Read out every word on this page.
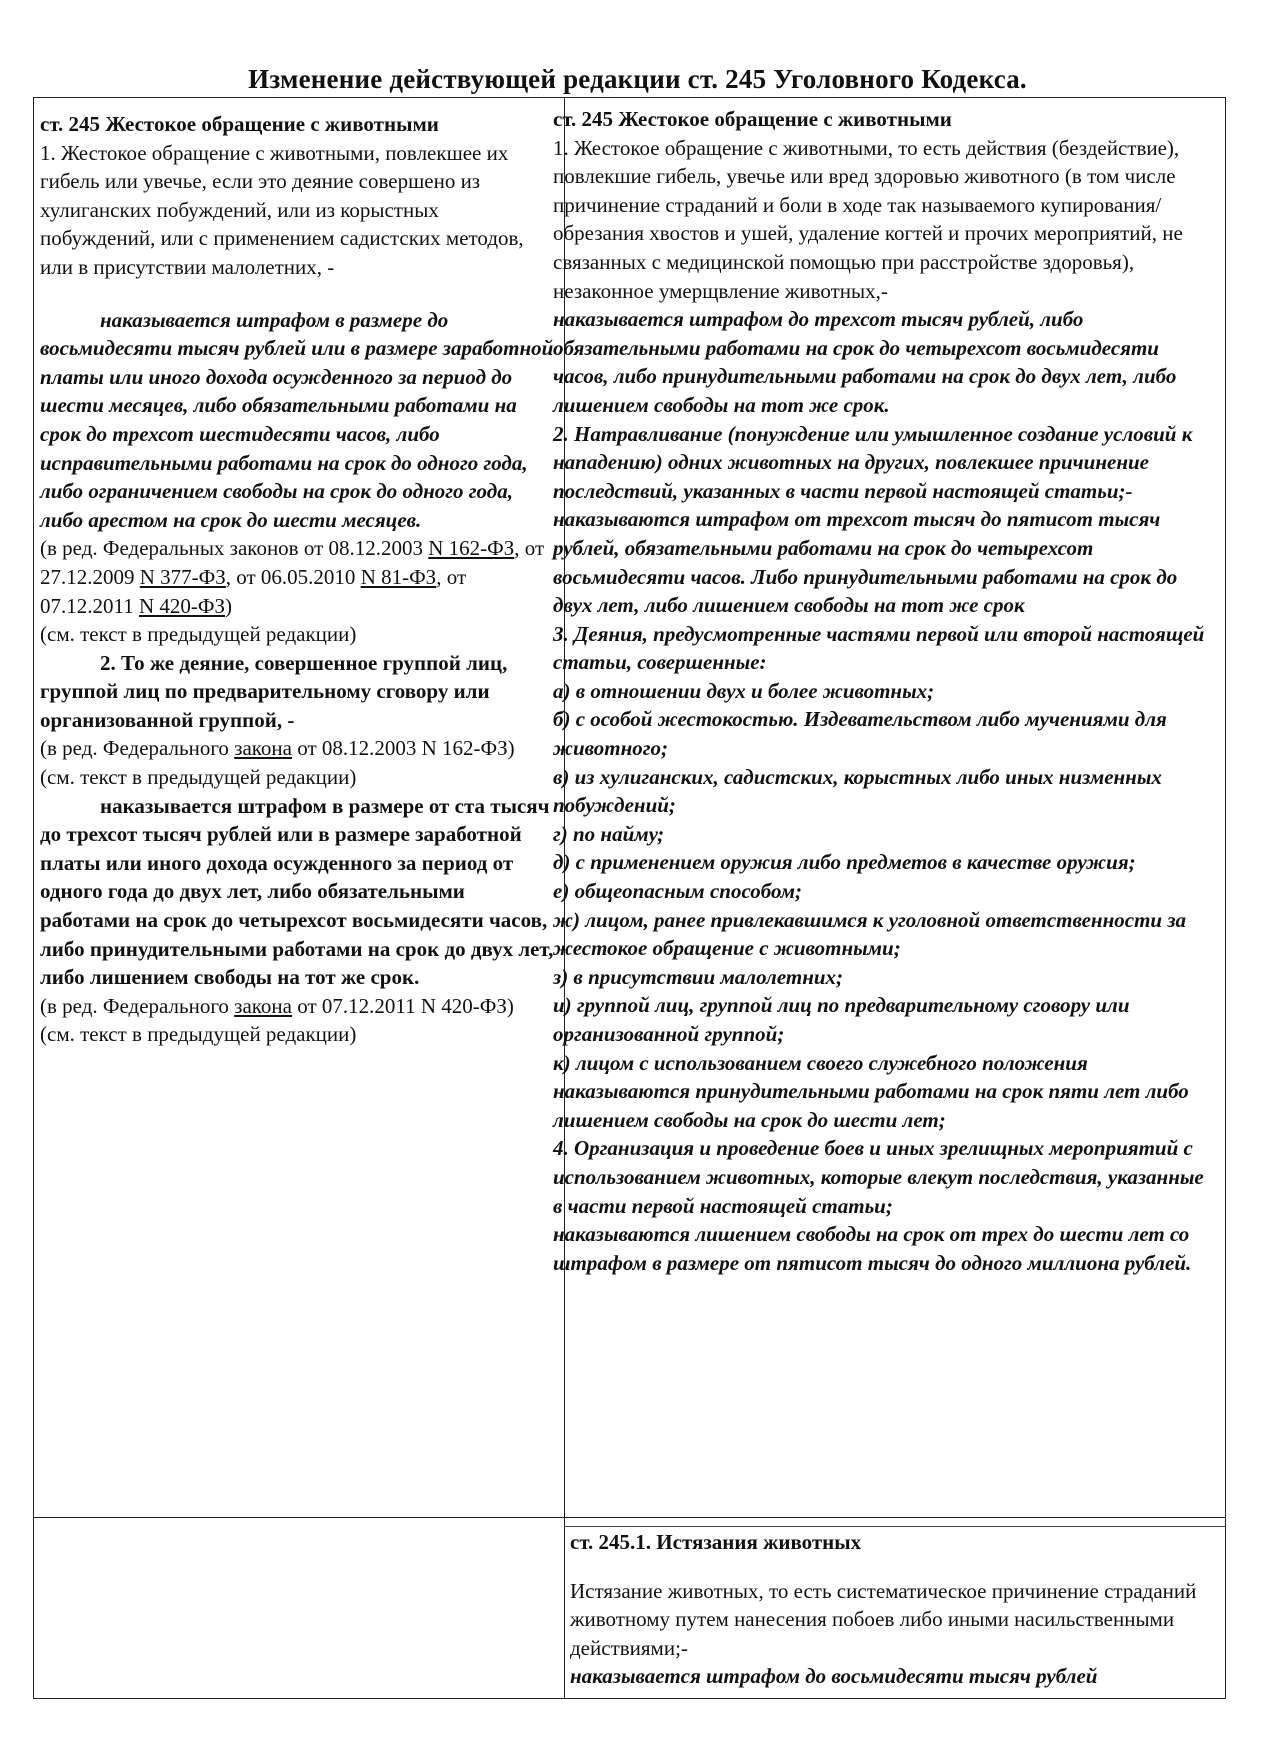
Изменение действующей редакции ст. 245 Уголовного Кодекса.

ст. 245 Жестокое обращение с животными

1. Жестокое обращение с животными, повлекшее их гибель или увечье, если это деяние совершено из хулиганских побуждений, или из корыстных побуждений, или с применением садистских методов, или в присутствии малолетних, -

наказывается штрафом в размере до восьмидесяти тысяч рублей или в размере заработной платы или иного дохода осужденного за период до шести месяцев, либо обязательными работами на срок до трехсот шестидесяти часов, либо исправительными работами на срок до одного года, либо ограничением свободы на срок до одного года, либо арестом на срок до шести месяцев.

(в ред. Федеральных законов от 08.12.2003 N 162-ФЗ, от 27.12.2009 N 377-ФЗ, от 06.05.2010 N 81-ФЗ, от 07.12.2011 N 420-ФЗ)

(см. текст в предыдущей редакции)

2. То же деяние, совершенное группой лиц, группой лиц по предварительному сговору или организованной группой, -

(в ред. Федерального закона от 08.12.2003 N 162-ФЗ)

(см. текст в предыдущей редакции)

наказывается штрафом в размере от ста тысяч до трехсот тысяч рублей или в размере заработной платы или иного дохода осужденного за период от одного года до двух лет, либо обязательными работами на срок до четырехсот восьмидесяти часов, либо принудительными работами на срок до двух лет, либо лишением свободы на тот же срок.

(в ред. Федерального закона от 07.12.2011 N 420-ФЗ)

(см. текст в предыдущей редакции)

ст. 245 Жестокое обращение с животными

1. Жестокое обращение с животными, то есть действия (бездействие), повлекшие гибель, увечье или вред здоровью животного (в том числе причинение страданий и боли в ходе так называемого купирования/обрезания хвостов и ушей, удаление когтей и прочих мероприятий, не связанных с медицинской помощью при расстройстве здоровья), незаконное умерщвление животных,-

наказывается штрафом до трехсот тысяч рублей, либо обязательными работами на срок до четырехсот восьмидесяти часов, либо принудительными работами на срок до двух лет, либо лишением свободы на тот же срок.

2. Натравливание (понуждение или умышленное создание условий к нападению) одних животных на других, повлекшее причинение последствий, указанных в части первой настоящей статьи;-

наказываются штрафом от трехсот тысяч до пятисот тысяч рублей, обязательными работами на срок до четырехсот восьмидесяти часов. Либо принудительными работами на срок до двух лет, либо лишением свободы на тот же срок

3. Деяния, предусмотренные частями первой или второй настоящей статьи, совершенные:

а) в отношении двух и более животных;

б) с особой жестокостью. Издевательством либо мучениями для животного;

в) из хулиганских, садистских, корыстных либо иных низменных побуждений;

г) по найму;

д) с применением оружия либо предметов в качестве оружия;

е) общеопасным способом;

ж) лицом, ранее привлекавшимся к уголовной ответственности за жестокое обращение с животными;

з) в присутствии малолетних;

и) группой лиц, группой лиц по предварительному сговору или организованной группой;

к) лицом с использованием своего служебного положения наказываются принудительными работами на срок пяти лет либо лишением свободы на срок до шести лет;

4. Организация и проведение боев и иных зрелищных мероприятий с использованием животных, которые влекут последствия, указанные в части первой настоящей статьи;

наказываются лишением свободы на срок от трех до шести лет со штрафом в размере от пятисот тысяч до одного миллиона рублей.

ст. 245.1. Истязания животных

Истязание животных, то есть систематическое причинение страданий животному путем нанесения побоев либо иными насильственными действиями;-

наказывается штрафом до восьмидесяти тысяч рублей
